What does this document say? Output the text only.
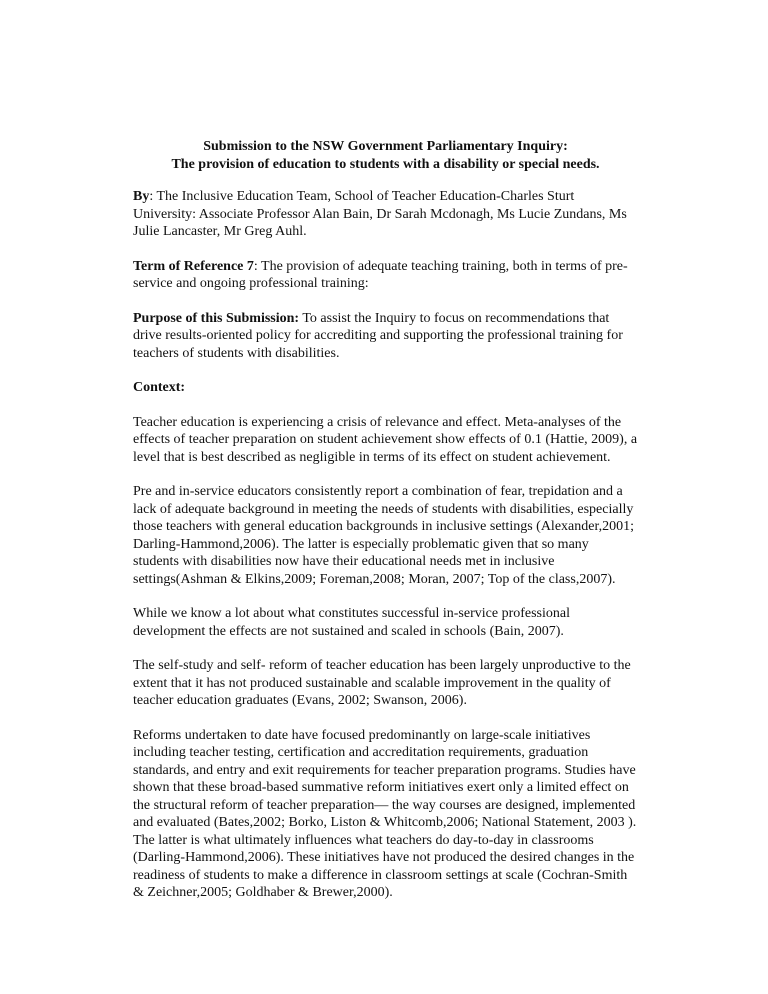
Submission to the NSW Government Parliamentary Inquiry:
The provision of education to students with a disability or special needs.

By: The Inclusive Education Team, School of Teacher Education-Charles Sturt University: Associate Professor Alan Bain, Dr Sarah Mcdonagh, Ms Lucie Zundans, Ms Julie Lancaster, Mr Greg Auhl.

Term of Reference 7: The provision of adequate teaching training, both in terms of pre-service and ongoing professional training:

Purpose of this Submission: To assist the Inquiry to focus on recommendations that drive results-oriented policy for accrediting and supporting the professional training for teachers of students with disabilities.

Context:

Teacher education is experiencing a crisis of relevance and effect. Meta-analyses of the effects of teacher preparation on student achievement show effects of 0.1 (Hattie, 2009), a level that is best described as negligible in terms of its effect on student achievement.

Pre and in-service educators consistently report a combination of fear, trepidation and a lack of adequate background in meeting the needs of students with disabilities, especially those teachers with general education backgrounds in inclusive settings (Alexander,2001; Darling-Hammond,2006). The latter is especially problematic given that so many students with disabilities now have their educational needs met in inclusive settings(Ashman & Elkins,2009; Foreman,2008; Moran, 2007; Top of the class,2007).

While we know a lot about what constitutes successful in-service professional development the effects are not sustained and scaled in schools (Bain, 2007).

The self-study and self- reform of teacher education has been largely unproductive to the extent that it has not produced sustainable and scalable improvement in the quality of teacher education graduates (Evans, 2002; Swanson, 2006).

Reforms undertaken to date have focused predominantly on large-scale initiatives including teacher testing, certification and accreditation requirements, graduation standards, and entry and exit requirements for teacher preparation programs. Studies have shown that these broad-based summative reform initiatives exert only a limited effect on the structural reform of teacher preparation— the way courses are designed, implemented and evaluated (Bates,2002; Borko, Liston & Whitcomb,2006; National Statement, 2003 ). The latter is what ultimately influences what teachers do day-to-day in classrooms (Darling-Hammond,2006). These initiatives have not produced the desired changes in the readiness of students to make a difference in classroom settings at scale (Cochran-Smith & Zeichner,2005; Goldhaber & Brewer,2000).
